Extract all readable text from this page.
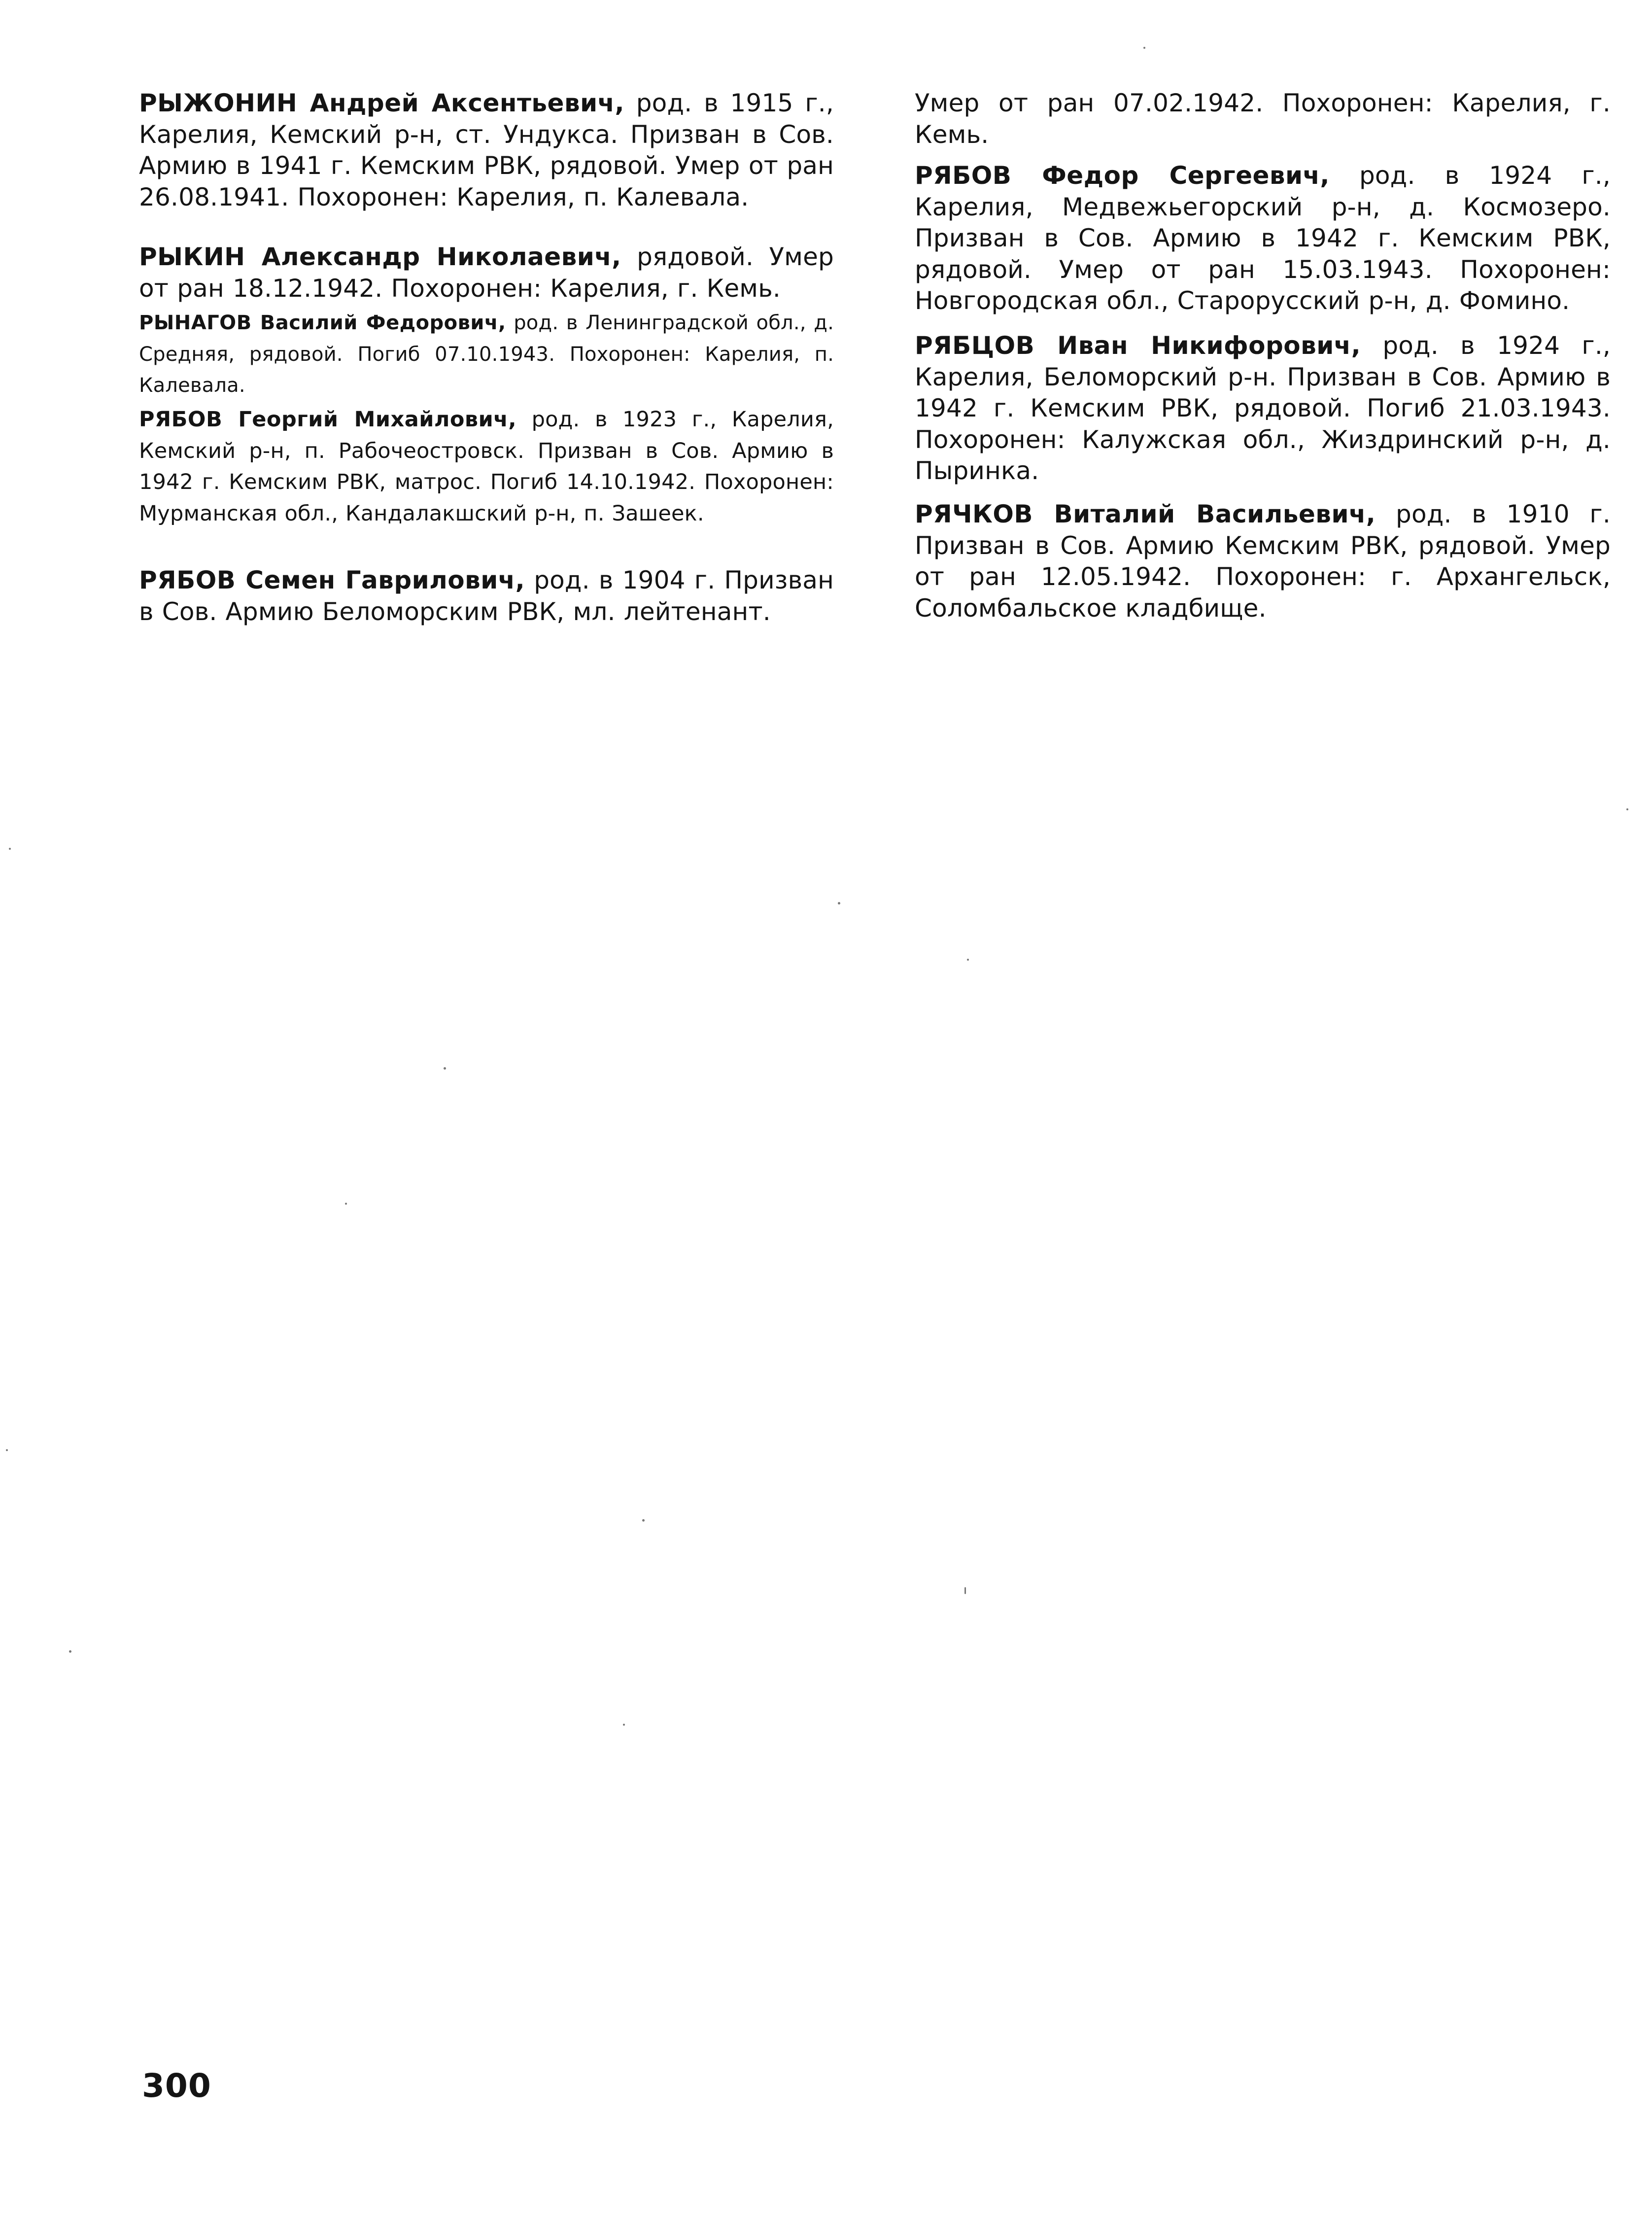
РЫЖОНИН Андрей Аксентьевич, род. в 1915 г., Карелия, Кемский р-н, ст. Ундукса. Призван в Сов. Армию в 1941 г. Кемским РВК, рядовой. Умер от ран 26.08.1941. Похоронен: Карелия, п. Калевала.

РЫКИН Александр Николаевич, рядовой. Умер от ран 18.12.1942. Похоронен: Карелия, г. Кемь.

РЫНАГОВ Василий Федорович, род. в Ленинградской обл., д. Средняя, рядовой. Погиб 07.10.1943. Похоронен: Карелия, п. Калевала.

РЯБОВ Георгий Михайлович, род. в 1923 г., Карелия, Кемский р-н, п. Рабочеостровск. Призван в Сов. Армию в 1942 г. Кемским РВК, матрос. Погиб 14.10.1942. Похоронен: Мурманская обл., Кандалакшский р-н, п. Зашеек.

РЯБОВ Семен Гаврилович, род. в 1904 г. Призван в Сов. Армию Беломорским РВК, мл. лейтенант.

Умер от ран 07.02.1942. Похоронен: Карелия, г. Кемь.

РЯБОВ Федор Сергеевич, род. в 1924 г., Карелия, Медвежьегорский р-н, д. Космозеро. Призван в Сов. Армию в 1942 г. Кемским РВК, рядовой. Умер от ран 15.03.1943. Похоронен: Новгородская обл., Старорусский р-н, д. Фомино.

РЯБЦОВ Иван Никифорович, род. в 1924 г., Карелия, Беломорский р-н. Призван в Сов. Армию в 1942 г. Кемским РВК, рядовой. Погиб 21.03.1943. Похоронен: Калужская обл., Жиздринский р-н, д. Пыринка.

РЯЧКОВ Виталий Васильевич, род. в 1910 г. Призван в Сов. Армию Кемским РВК, рядовой. Умер от ран 12.05.1942. Похоронен: г. Архангельск, Соломбальское кладбище.

300
